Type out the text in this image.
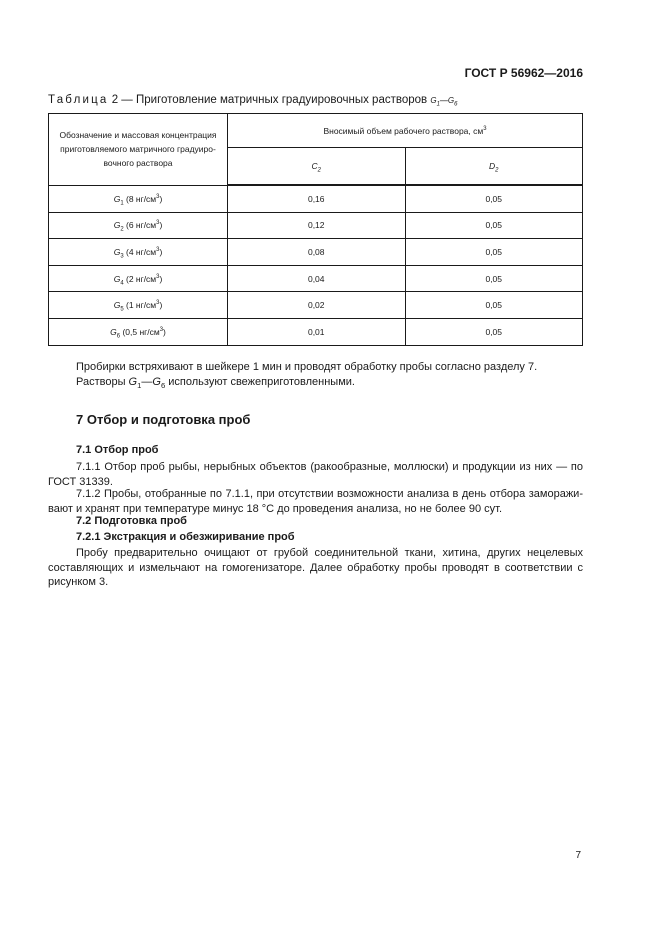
ГОСТ Р 56962—2016
Таблица 2 — Приготовление матричных градуировочных растворов $G_1—G_6$
Обозначение и массовая концентрация приготовляемого матричного градуиро-вочного раствора	Вносимый объем рабочего раствора, $см^3$
	$C_2$	$D_2$
$G_1$ (8 $нг/см^3$)	0,16	0,05
$G_2$ (6 $нг/см^3$)	0,12	0,05
$G_3$ (4 $нг/см^3$)	0,08	0,05
$G_4$ (2 $нг/см^3$)	0,04	0,05
$G_5$ (1 $нг/см^3$)	0,02	0,05
$G_6$ (0,5 $нг/см^3$)	0,01	0,05
Пробирки встряхивают в шейкере 1 мин и проводят обработку пробы согласно разделу 7.
Растворы $G_1—G_6$ используют свежеприготовленными.
7 Отбор и подготовка проб
7.1 Отбор проб
7.1.1 Отбор проб рыбы, нерыбных объектов (ракообразные, моллюски) и продукции из них — по
ГОСТ 31339.
7.1.2 Пробы, отобранные по 7.1.1, при отсутствии возможности анализа в день отбора заморажи-
вают и хранят при температуре минус 18 °С до проведения анализа, но не более 90 сут.
7.2 Подготовка проб
7.2.1 Экстракция и обезжиривание проб
Пробу предварительно очищают от грубой соединительной ткани, хитина, других нецелевых
составляющих и измельчают на гомогенизаторе. Далее обработку пробы проводят в соответствии с
рисунком 3.
7
